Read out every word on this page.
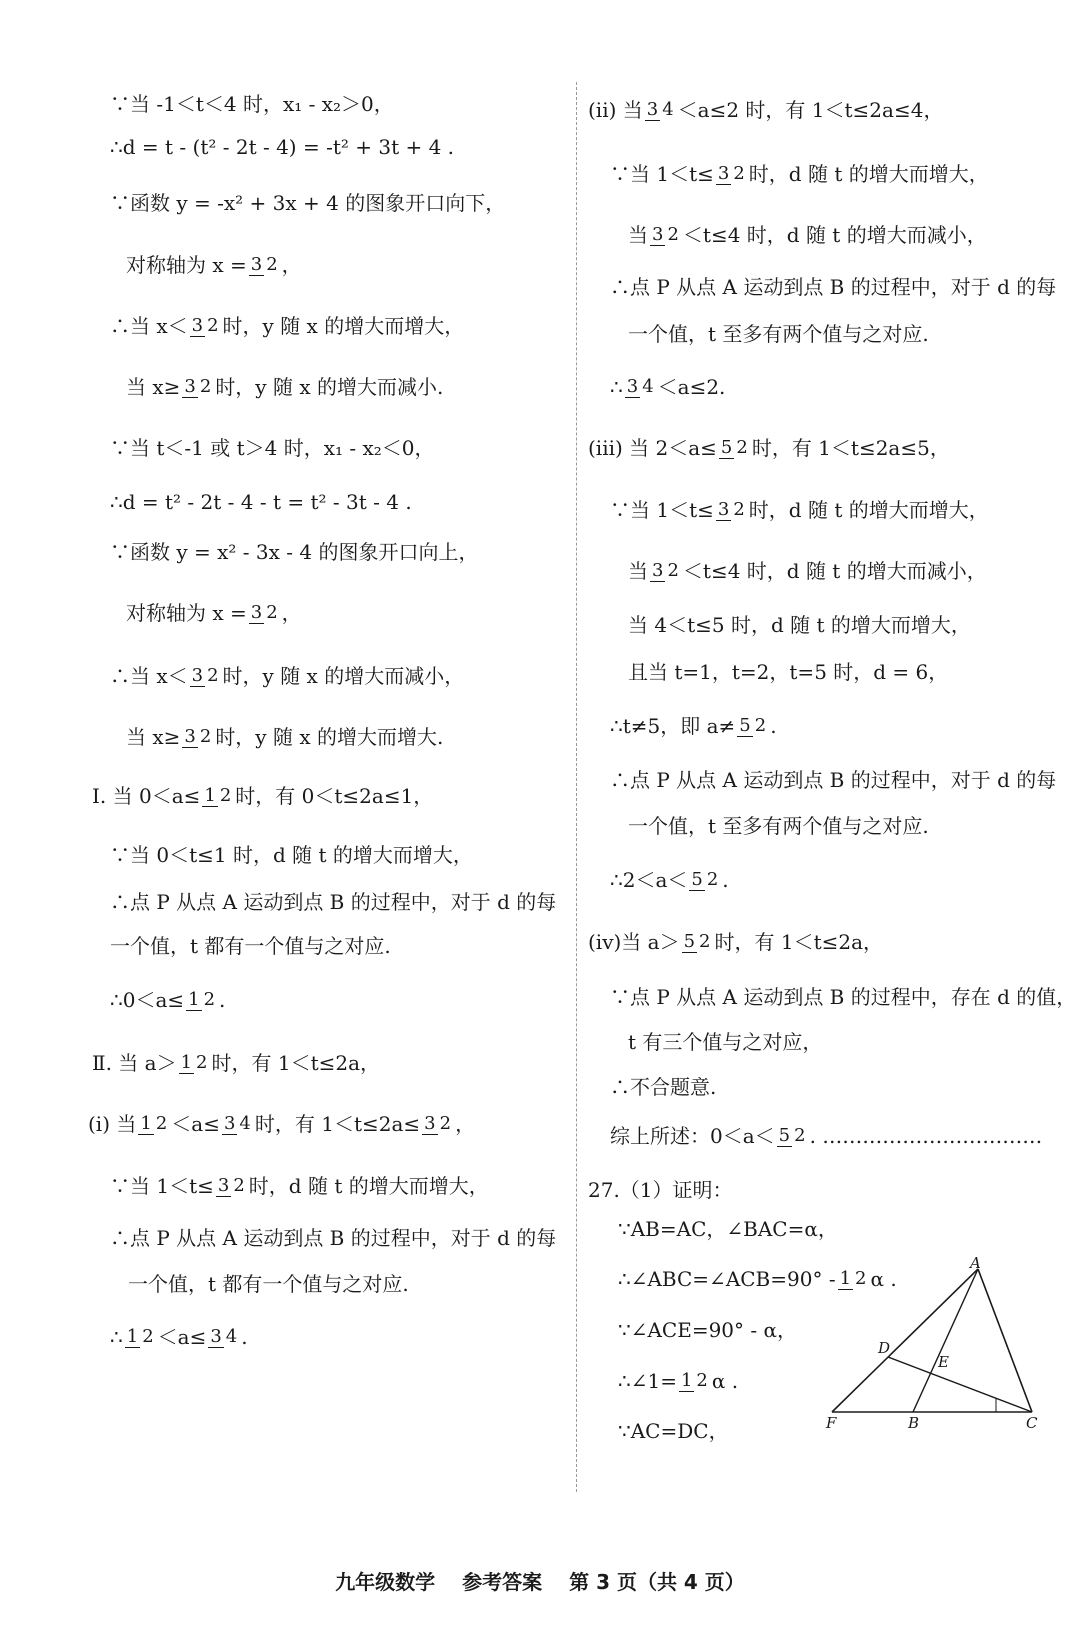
∵当 -1＜t＜4 时，x₁ - x₂＞0，
∴d = t - (t² - 2t - 4) = -t² + 3t + 4 .
∵函数 y = -x² + 3x + 4 的图象开口向下，
对称轴为 x = 3 2 ，
∴当 x＜ 3 2 时，y 随 x 的增大而增大，
当 x≥ 3 2 时，y 随 x 的增大而减小.
∵当 t＜-1 或 t＞4 时，x₁ - x₂＜0，
∴d = t² - 2t - 4 - t = t² - 3t - 4 .
∵函数 y = x² - 3x - 4 的图象开口向上，
对称轴为 x = 3 2 ，
∴当 x＜ 3 2 时，y 随 x 的增大而减小，
当 x≥ 3 2 时，y 随 x 的增大而增大.
Ⅰ. 当 0＜a≤ 1 2 时，有 0＜t≤2a≤1，
∵当 0＜t≤1 时，d 随 t 的增大而增大，
∴点 P 从点 A 运动到点 B 的过程中，对于 d 的每
一个值，t 都有一个值与之对应.
∴0＜a≤ 1 2 .
Ⅱ. 当 a＞ 1 2 时，有 1＜t≤2a，
(i) 当 1 2 ＜a≤ 3 4 时，有 1＜t≤2a≤ 3 2 ，
∵当 1＜t≤ 3 2 时，d 随 t 的增大而增大，
∴点 P 从点 A 运动到点 B 的过程中，对于 d 的每
一个值，t 都有一个值与之对应.
∴ 1 2 ＜a≤ 3 4 .
(ii) 当 3 4 ＜a≤2 时，有 1＜t≤2a≤4，
∵当 1＜t≤ 3 2 时，d 随 t 的增大而增大，
当 3 2 ＜t≤4 时，d 随 t 的增大而减小，
∴点 P 从点 A 运动到点 B 的过程中，对于 d 的每
一个值，t 至多有两个值与之对应.
∴ 3 4 ＜a≤2.
(iii) 当 2＜a≤ 5 2 时，有 1＜t≤2a≤5，
∵当 1＜t≤ 3 2 时，d 随 t 的增大而增大，
当 3 2 ＜t≤4 时，d 随 t 的增大而减小，
当 4＜t≤5 时，d 随 t 的增大而增大，
且当 t=1，t=2，t=5 时，d = 6，
∴t≠5，即 a≠ 5 2 .
∴点 P 从点 A 运动到点 B 的过程中，对于 d 的每
一个值，t 至多有两个值与之对应.
∴2＜a＜ 5 2 .
(iv)当 a＞ 5 2 时，有 1＜t≤2a，
∵点 P 从点 A 运动到点 B 的过程中，存在 d 的值，
t 有三个值与之对应，
∴不合题意.
综上所述：0＜a＜ 5 2 . ……………………………
27.（1）证明：
∵AB=AC，∠BAC=α，
∴∠ABC=∠ACB=90° - 1 2 α .
∵∠ACE=90° - α，
∴∠1= 1 2 α .
∵AC=DC，
A
D
E
F	B	C
九年级数学 参考答案 第 3 页（共 4 页）
